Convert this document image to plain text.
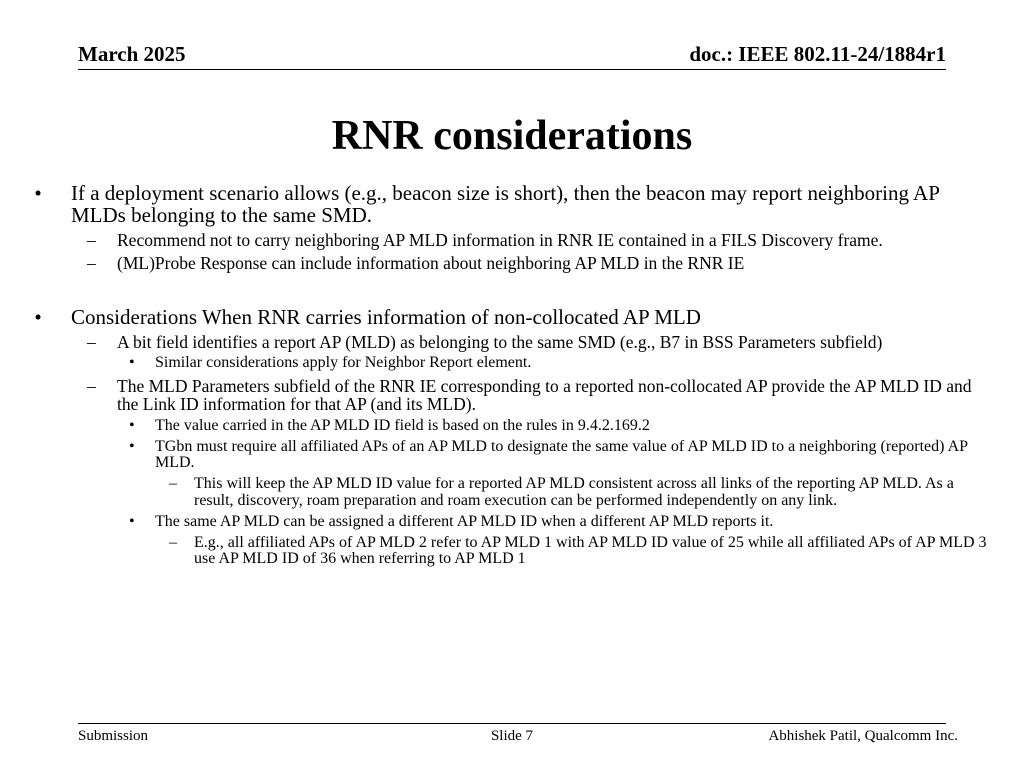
March 2025	doc.: IEEE 802.11-24/1884r1
RNR considerations
• If a deployment scenario allows (e.g., beacon size is short), then the beacon may report neighboring AP MLDs belonging to the same SMD.
– Recommend not to carry neighboring AP MLD information in RNR IE contained in a FILS Discovery frame.
– (ML)Probe Response can include information about neighboring AP MLD in the RNR IE
• Considerations When RNR carries information of non-collocated AP MLD
– A bit field identifies a report AP (MLD) as belonging to the same SMD (e.g., B7 in BSS Parameters subfield)
• Similar considerations apply for Neighbor Report element.
– The MLD Parameters subfield of the RNR IE corresponding to a reported non-collocated AP provide the AP MLD ID and the Link ID information for that AP (and its MLD).
• The value carried in the AP MLD ID field is based on the rules in 9.4.2.169.2
• TGbn must require all affiliated APs of an AP MLD to designate the same value of AP MLD ID to a neighboring (reported) AP MLD.
– This will keep the AP MLD ID value for a reported AP MLD consistent across all links of the reporting AP MLD. As a result, discovery, roam preparation and roam execution can be performed independently on any link.
• The same AP MLD can be assigned a different AP MLD ID when a different AP MLD reports it.
– E.g., all affiliated APs of AP MLD 2 refer to AP MLD 1 with AP MLD ID value of 25 while all affiliated APs of AP MLD 3 use AP MLD ID of 36 when referring to AP MLD 1
Submission	Slide 7	Abhishek Patil, Qualcomm Inc.
